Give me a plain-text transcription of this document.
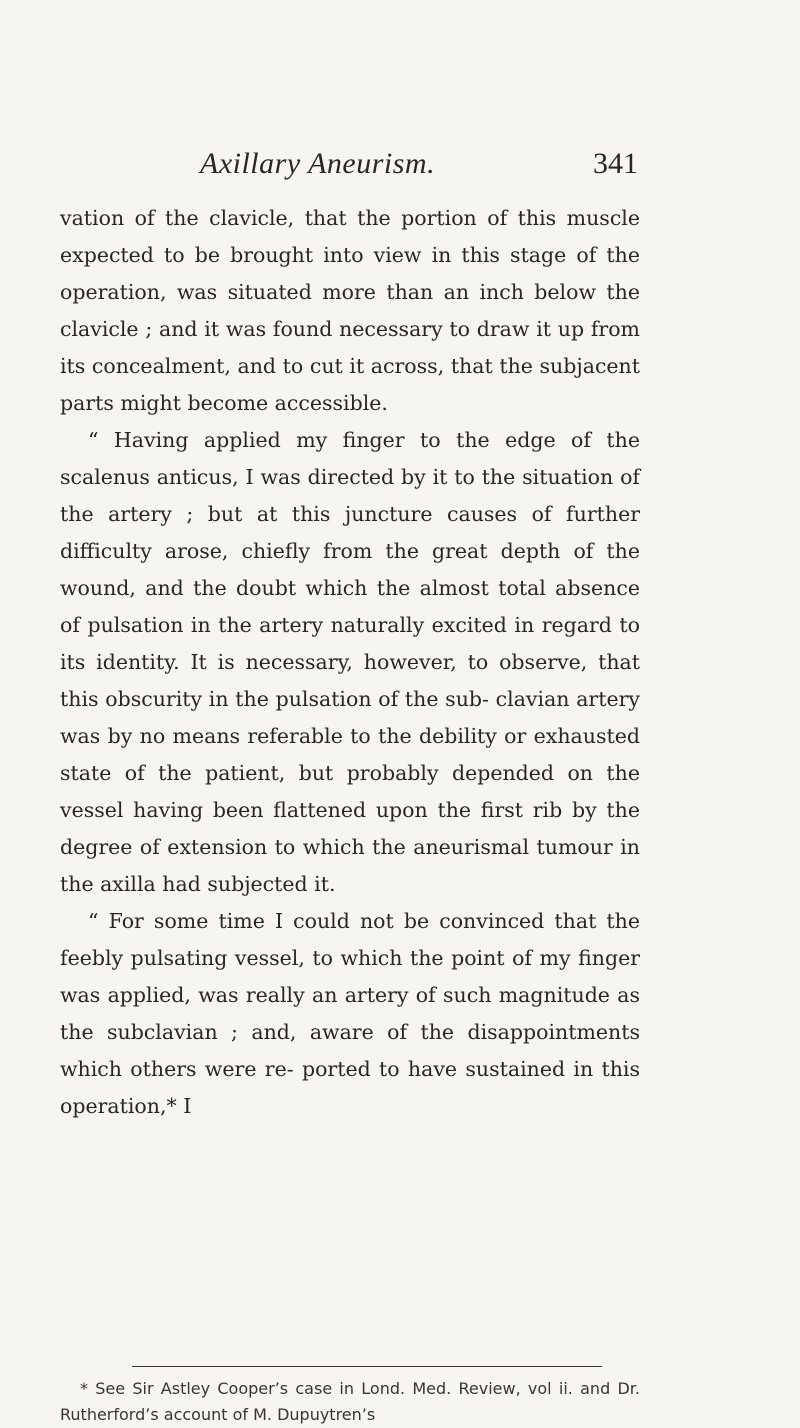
Axillary Aneurism.	341

vation of the clavicle, that the portion of this muscle expected to be brought into view in this stage of the operation, was situated more than an inch below the clavicle ; and it was found necessary to draw it up from its concealment, and to cut it across, that the subjacent parts might become accessible.

“ Having applied my finger to the edge of the scalenus anticus, I was directed by it to the situation of the artery ; but at this juncture causes of further difficulty arose, chiefly from the great depth of the wound, and the doubt which the almost total absence of pulsation in the artery naturally excited in regard to its identity. It is necessary, however, to observe, that this obscurity in the pulsation of the sub- clavian artery was by no means referable to the debility or exhausted state of the patient, but probably depended on the vessel having been flattened upon the first rib by the degree of extension to which the aneurismal tumour in the axilla had subjected it.

“ For some time I could not be convinced that the feebly pulsating vessel, to which the point of my finger was applied, was really an artery of such magnitude as the subclavian ; and, aware of the disappointments which others were re- ported to have sustained in this operation,* I

* See Sir Astley Cooper’s case in Lond. Med. Review, vol ii. and Dr. Rutherford’s account of M. Dupuytren’s
